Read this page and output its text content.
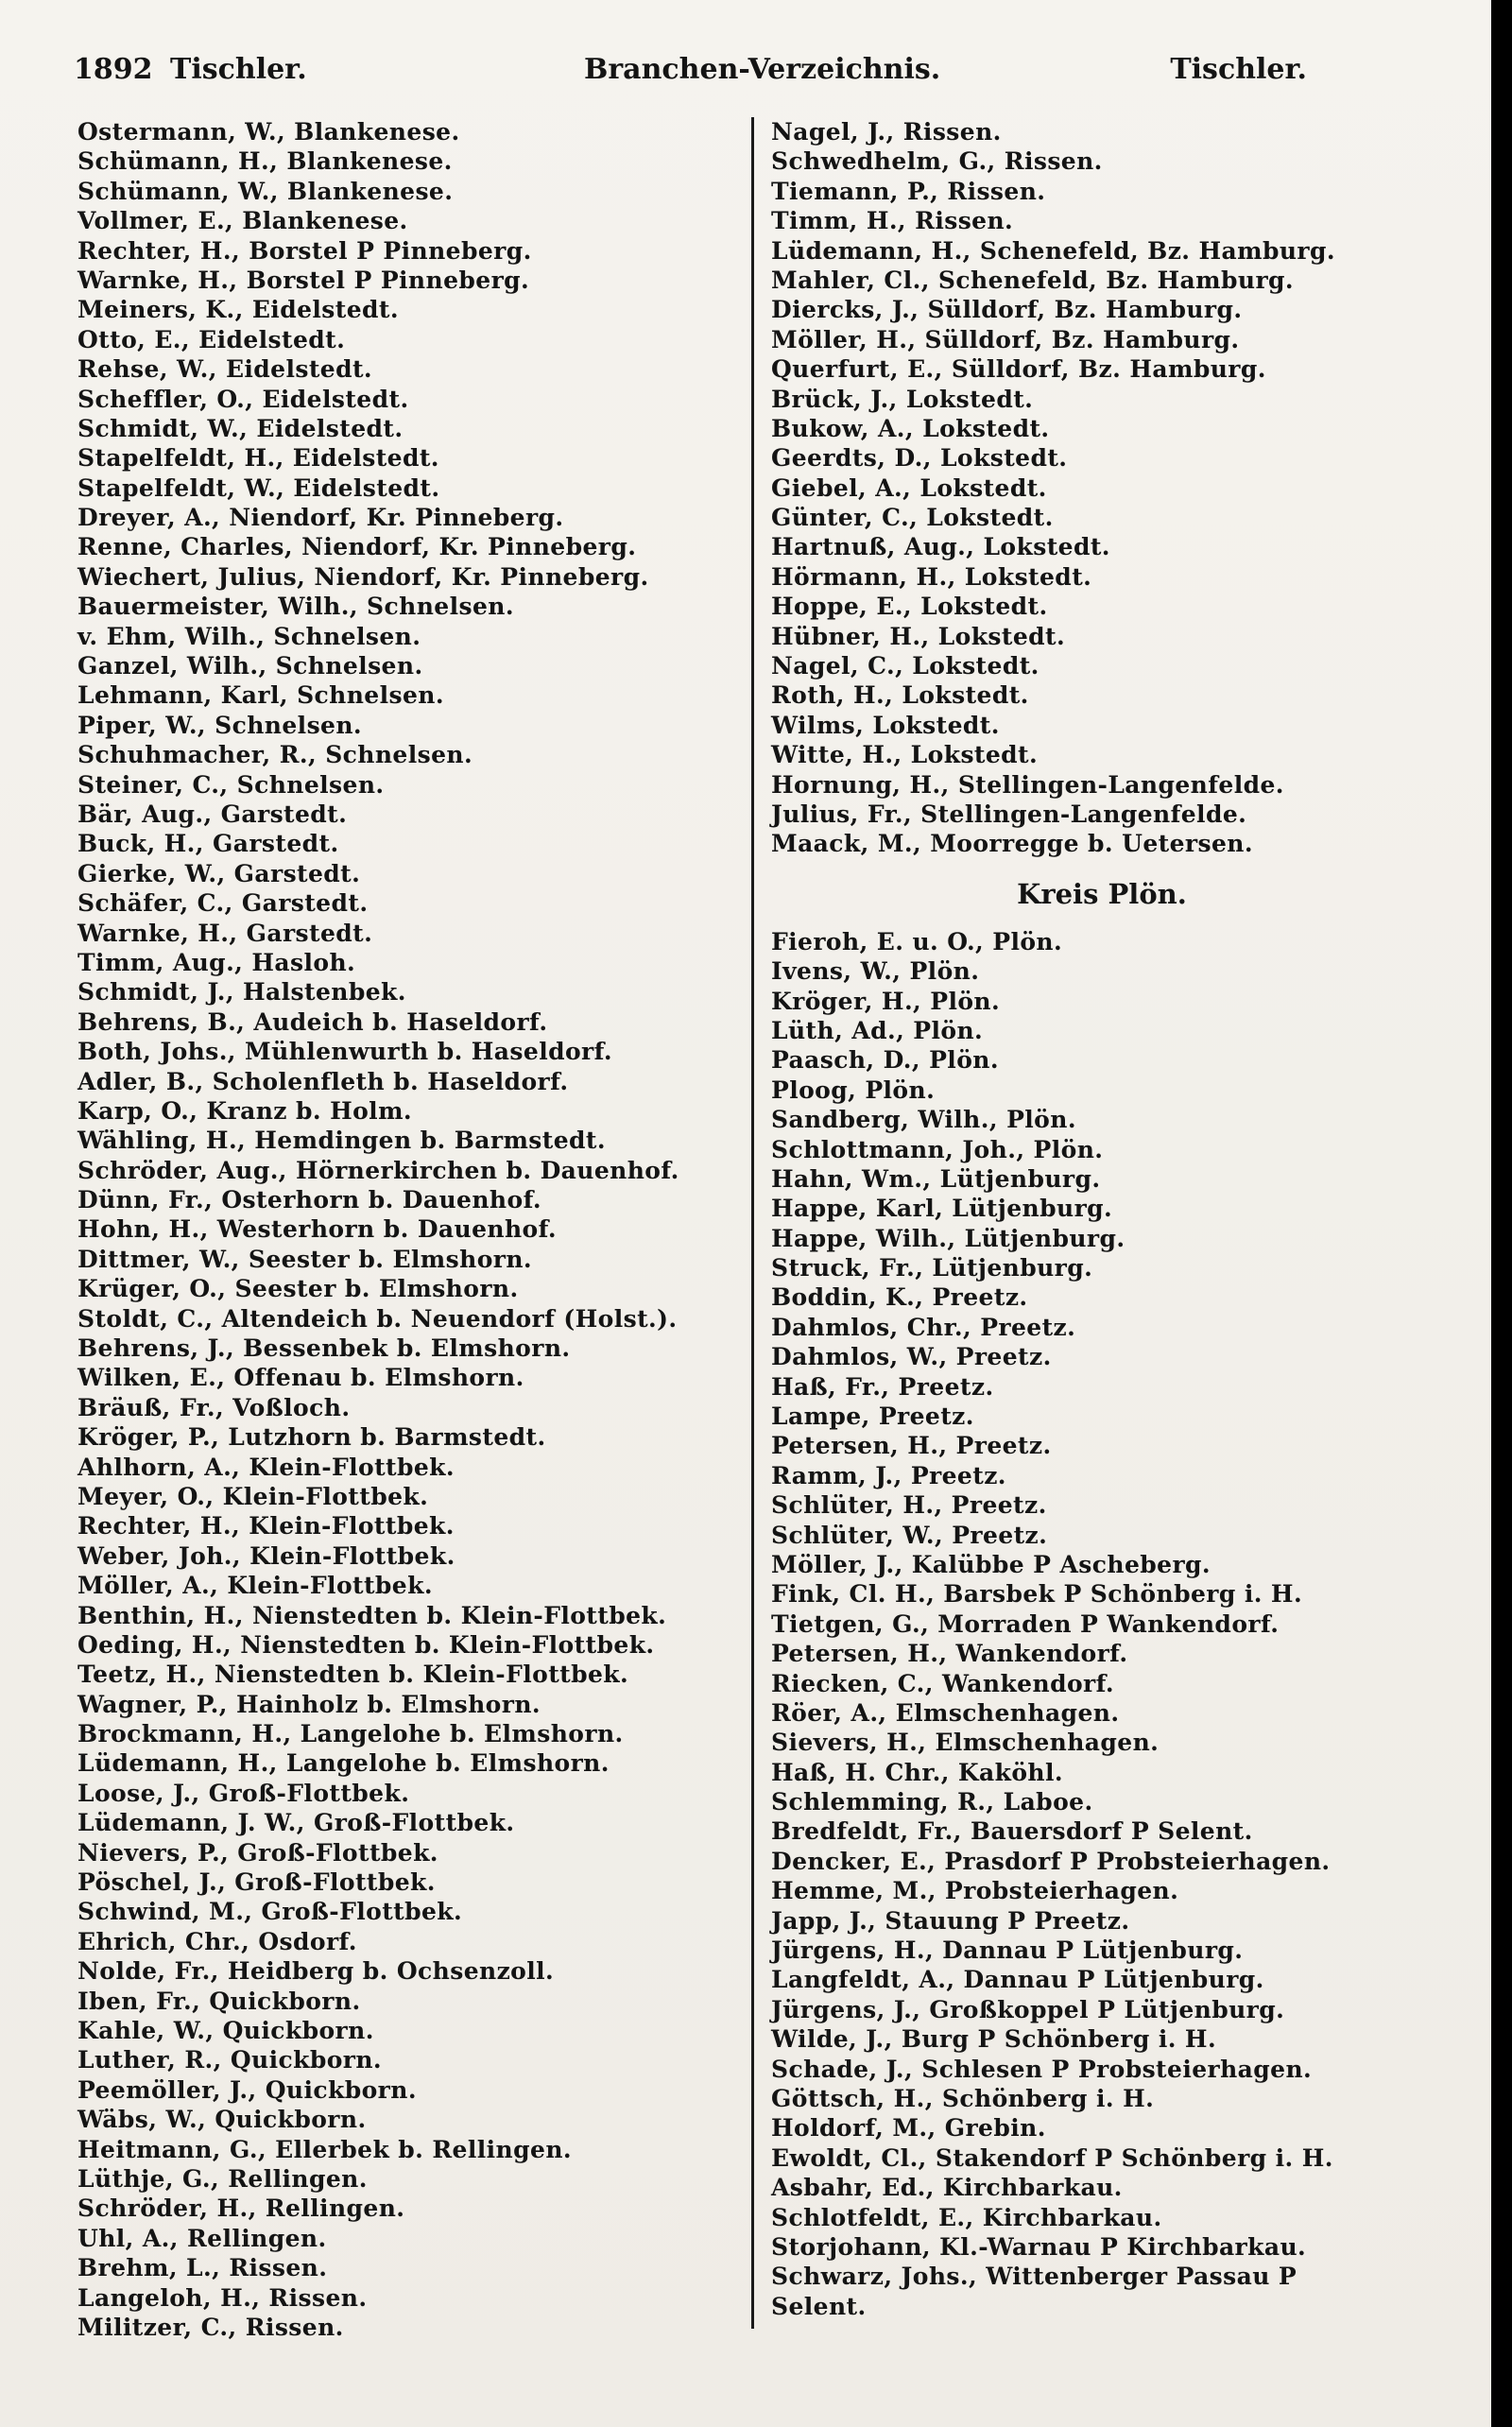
1892 Tischler.	Branchen-Verzeichnis.	Tischler.
Ostermann, W., Blankenese.
Schümann, H., Blankenese.
Schümann, W., Blankenese.
Vollmer, E., Blankenese.
Rechter, H., Borstel P Pinneberg.
Warnke, H., Borstel P Pinneberg.
Meiners, K., Eidelstedt.
Otto, E., Eidelstedt.
Rehse, W., Eidelstedt.
Scheffler, O., Eidelstedt.
Schmidt, W., Eidelstedt.
Stapelfeldt, H., Eidelstedt.
Stapelfeldt, W., Eidelstedt.
Dreyer, A., Niendorf, Kr. Pinneberg.
Renne, Charles, Niendorf, Kr. Pinneberg.
Wiechert, Julius, Niendorf, Kr. Pinneberg.
Bauermeister, Wilh., Schnelsen.
v. Ehm, Wilh., Schnelsen.
Ganzel, Wilh., Schnelsen.
Lehmann, Karl, Schnelsen.
Piper, W., Schnelsen.
Schuhmacher, R., Schnelsen.
Steiner, C., Schnelsen.
Bär, Aug., Garstedt.
Buck, H., Garstedt.
Gierke, W., Garstedt.
Schäfer, C., Garstedt.
Warnke, H., Garstedt.
Timm, Aug., Hasloh.
Schmidt, J., Halstenbek.
Behrens, B., Audeich b. Haseldorf.
Both, Johs., Mühlenwurth b. Haseldorf.
Adler, B., Scholenfleth b. Haseldorf.
Karp, O., Kranz b. Holm.
Wähling, H., Hemdingen b. Barmstedt.
Schröder, Aug., Hörnerkirchen b. Dauenhof.
Dünn, Fr., Osterhorn b. Dauenhof.
Hohn, H., Westerhorn b. Dauenhof.
Dittmer, W., Seester b. Elmshorn.
Krüger, O., Seester b. Elmshorn.
Stoldt, C., Altendeich b. Neuendorf (Holst.).
Behrens, J., Bessenbek b. Elmshorn.
Wilken, E., Offenau b. Elmshorn.
Bräuß, Fr., Voßloch.
Kröger, P., Lutzhorn b. Barmstedt.
Ahlhorn, A., Klein-Flottbek.
Meyer, O., Klein-Flottbek.
Rechter, H., Klein-Flottbek.
Weber, Joh., Klein-Flottbek.
Möller, A., Klein-Flottbek.
Benthin, H., Nienstedten b. Klein-Flottbek.
Oeding, H., Nienstedten b. Klein-Flottbek.
Teetz, H., Nienstedten b. Klein-Flottbek.
Wagner, P., Hainholz b. Elmshorn.
Brockmann, H., Langelohe b. Elmshorn.
Lüdemann, H., Langelohe b. Elmshorn.
Loose, J., Groß-Flottbek.
Lüdemann, J. W., Groß-Flottbek.
Nievers, P., Groß-Flottbek.
Pöschel, J., Groß-Flottbek.
Schwind, M., Groß-Flottbek.
Ehrich, Chr., Osdorf.
Nolde, Fr., Heidberg b. Ochsenzoll.
Iben, Fr., Quickborn.
Kahle, W., Quickborn.
Luther, R., Quickborn.
Peemöller, J., Quickborn.
Wäbs, W., Quickborn.
Heitmann, G., Ellerbek b. Rellingen.
Lüthje, G., Rellingen.
Schröder, H., Rellingen.
Uhl, A., Rellingen.
Brehm, L., Rissen.
Langeloh, H., Rissen.
Militzer, C., Rissen.
Nagel, J., Rissen.
Schwedhelm, G., Rissen.
Tiemann, P., Rissen.
Timm, H., Rissen.
Lüdemann, H., Schenefeld, Bz. Hamburg.
Mahler, Cl., Schenefeld, Bz. Hamburg.
Diercks, J., Sülldorf, Bz. Hamburg.
Möller, H., Sülldorf, Bz. Hamburg.
Querfurt, E., Sülldorf, Bz. Hamburg.
Brück, J., Lokstedt.
Bukow, A., Lokstedt.
Geerdts, D., Lokstedt.
Giebel, A., Lokstedt.
Günter, C., Lokstedt.
Hartnuß, Aug., Lokstedt.
Hörmann, H., Lokstedt.
Hoppe, E., Lokstedt.
Hübner, H., Lokstedt.
Nagel, C., Lokstedt.
Roth, H., Lokstedt.
Wilms, Lokstedt.
Witte, H., Lokstedt.
Hornung, H., Stellingen-Langenfelde.
Julius, Fr., Stellingen-Langenfelde.
Maack, M., Moorregge b. Uetersen.
Kreis Plön.
Fieroh, E. u. O., Plön.
Ivens, W., Plön.
Kröger, H., Plön.
Lüth, Ad., Plön.
Paasch, D., Plön.
Ploog, Plön.
Sandberg, Wilh., Plön.
Schlottmann, Joh., Plön.
Hahn, Wm., Lütjenburg.
Happe, Karl, Lütjenburg.
Happe, Wilh., Lütjenburg.
Struck, Fr., Lütjenburg.
Boddin, K., Preetz.
Dahmlos, Chr., Preetz.
Dahmlos, W., Preetz.
Haß, Fr., Preetz.
Lampe, Preetz.
Petersen, H., Preetz.
Ramm, J., Preetz.
Schlüter, H., Preetz.
Schlüter, W., Preetz.
Möller, J., Kalübbe P Ascheberg.
Fink, Cl. H., Barsbek P Schönberg i. H.
Tietgen, G., Morraden P Wankendorf.
Petersen, H., Wankendorf.
Riecken, C., Wankendorf.
Röer, A., Elmschenhagen.
Sievers, H., Elmschenhagen.
Haß, H. Chr., Kaköhl.
Schlemming, R., Laboe.
Bredfeldt, Fr., Bauersdorf P Selent.
Dencker, E., Prasdorf P Probsteierhagen.
Hemme, M., Probsteierhagen.
Japp, J., Stauung P Preetz.
Jürgens, H., Dannau P Lütjenburg.
Langfeldt, A., Dannau P Lütjenburg.
Jürgens, J., Großkoppel P Lütjenburg.
Wilde, J., Burg P Schönberg i. H.
Schade, J., Schlesen P Probsteierhagen.
Göttsch, H., Schönberg i. H.
Holdorf, M., Grebin.
Ewoldt, Cl., Stakendorf P Schönberg i. H.
Asbahr, Ed., Kirchbarkau.
Schlotfeldt, E., Kirchbarkau.
Storjohann, Kl.-Warnau P Kirchbarkau.
Schwarz, Johs., Wittenberger Passau P
Selent.
